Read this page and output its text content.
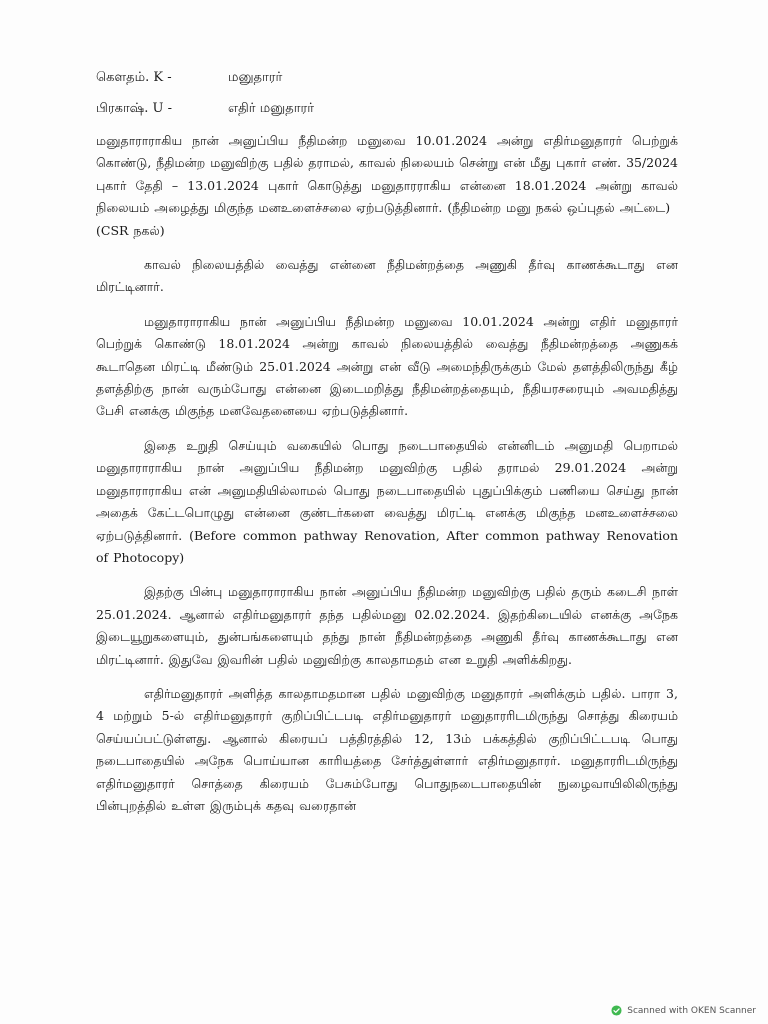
கௌதம். K -	மனுதாரர்
பிரகாஷ். U -	எதிர் மனுதாரர்

மனுதாராராகிய நான் அனுப்பிய நீதிமன்ற மனுவை 10.01.2024 அன்று எதிர்மனுதாரர் பெற்றுக் கொண்டு, நீதிமன்ற மனுவிற்கு பதில் தராமல், காவல் நிலையம் சென்று என் மீது புகார் எண். 35/2024 புகார் தேதி – 13.01.2024 புகார் கொடுத்து மனுதாரராகிய என்னை 18.01.2024 அன்று காவல் நிலையம் அழைத்து மிகுந்த மனஉளைச்சலை ஏற்படுத்தினார். (நீதிமன்ற மனு நகல் ஒப்புதல் அட்டை)

(CSR நகல்)

காவல் நிலையத்தில் வைத்து என்னை நீதிமன்றத்தை அணுகி தீர்வு காணக்கூடாது என மிரட்டினார்.

மனுதாராராகிய நான் அனுப்பிய நீதிமன்ற மனுவை 10.01.2024 அன்று எதிர் மனுதாரர் பெற்றுக் கொண்டு 18.01.2024 அன்று காவல் நிலையத்தில் வைத்து நீதிமன்றத்தை அணுகக் கூடாதென மிரட்டி மீண்டும் 25.01.2024 அன்று என் வீடு அமைந்திருக்கும் மேல் தளத்திலிருந்து கீழ் தளத்திற்கு நான் வரும்போது என்னை இடைமறித்து நீதிமன்றத்தையும், நீதியரசரையும் அவமதித்து பேசி எனக்கு மிகுந்த மனவேதனையை ஏற்படுத்தினார்.

இதை உறுதி செய்யும் வகையில் பொது நடைபாதையில் என்னிடம் அனுமதி பெறாமல் மனுதாராராகிய நான் அனுப்பிய நீதிமன்ற மனுவிற்கு பதில் தராமல் 29.01.2024 அன்று மனுதாராராகிய என் அனுமதியில்லாமல் பொது நடைபாதையில் புதுப்பிக்கும் பணியை செய்து நான் அதைக் கேட்டபொழுது என்னை குண்டர்களை வைத்து மிரட்டி எனக்கு மிகுந்த மனஉளைச்சலை ஏற்படுத்தினார். (Before common pathway Renovation, After common pathway Renovation of Photocopy)

இதற்கு பின்பு மனுதாராராகிய நான் அனுப்பிய நீதிமன்ற மனுவிற்கு பதில் தரும் கடைசி நாள் 25.01.2024. ஆனால் எதிர்மனுதாரர் தந்த பதில்மனு 02.02.2024. இதற்கிடையில் எனக்கு அநேக இடையூறுகளையும், துன்பங்களையும் தந்து நான் நீதிமன்றத்தை அணுகி தீர்வு காணக்கூடாது என மிரட்டினார். இதுவே இவரின் பதில் மனுவிற்கு காலதாமதம் என உறுதி அளிக்கிறது.

எதிர்மனுதாரர் அளித்த காலதாமதமான பதில் மனுவிற்கு மனுதாரர் அளிக்கும் பதில். பாரா 3, 4 மற்றும் 5-ல் எதிர்மனுதாரர் குறிப்பிட்டபடி எதிர்மனுதாரர் மனுதாரரிடமிருந்து சொத்து கிரையம் செய்யப்பட்டுள்ளது. ஆனால் கிரையப் பத்திரத்தில் 12, 13ம் பக்கத்தில் குறிப்பிட்டபடி பொது நடைபாதையில் அநேக பொய்யான காரியத்தை சேர்த்துள்ளார் எதிர்மனுதாரர். மனுதாரரிடமிருந்து எதிர்மனுதாரர் சொத்தை கிரையம் பேசும்போது பொதுநடைபாதையின் நுழைவாயிலிலிருந்து பின்புறத்தில் உள்ள இரும்புக் கதவு வரைதான்

Scanned with OKEN Scanner
